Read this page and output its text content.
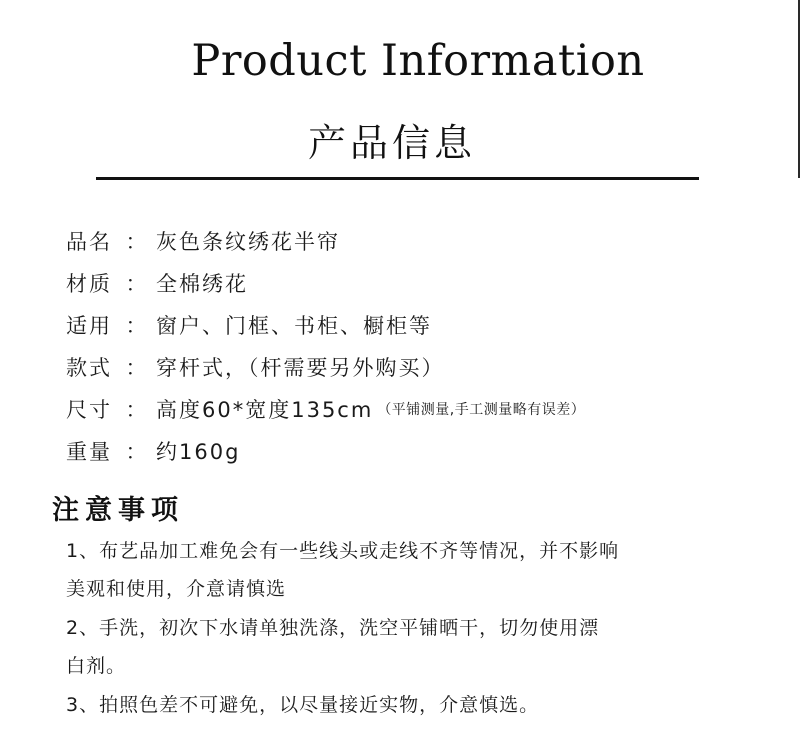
Product Information
产品信息
品名 ： 灰色条纹绣花半帘
材质 ： 全棉绣花
适用 ： 窗户、门框、书柜、橱柜等
款式 ： 穿杆式，（杆需要另外购买）
尺寸 ： 高度60*宽度135cm （平铺测量,手工测量略有误差）
重量 ： 约160g
注意事项
1、布艺品加工难免会有一些线头或走线不齐等情况，并不影响
美观和使用，介意请慎选
2、手洗，初次下水请单独洗涤，洗空平铺晒干，切勿使用漂
白剂。
3、拍照色差不可避免，以尽量接近实物，介意慎选。
